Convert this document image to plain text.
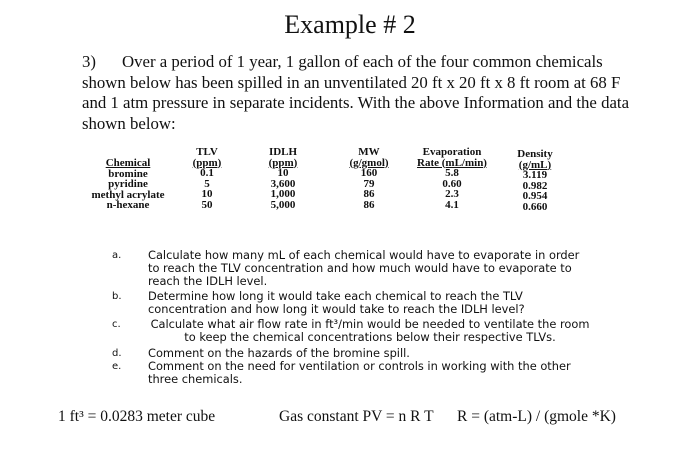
Example # 2
3) Over a period of 1 year, 1 gallon of each of the four common chemicals
shown below has been spilled in an unventilated 20 ft x 20 ft x 8 ft room at 68 F
and 1 atm pressure in separate incidents. With the above Information and the data
shown below:
Chemical
bromine
pyridine
methyl acrylate
n-hexane
TLV
(ppm)
0.1
5
10
50
IDLH
(ppm)
10
3,600
1,000
5,000
MW
(g/gmol)
160
79
86
86
Evaporation
Rate (mL/min)
5.8
0.60
2.3
4.1
Density
(g/mL)
3.119
0.982
0.954
0.660
a. Calculate how many mL of each chemical would have to evaporate in order to reach the TLV concentration and how much would have to evaporate to reach the IDLH level.
b. Determine how long it would take each chemical to reach the TLV concentration and how long it would take to reach the IDLH level?
c.	Calculate what air flow rate in ft³/min would be needed to ventilate the room to keep the chemical concentrations below their respective TLVs.
d. Comment on the hazards of the bromine spill.
e. Comment on the need for ventilation or controls in working with the other three chemicals.
1 ft³ = 0.0283 meter cube	Gas constant PV = n R T R = (atm-L) / (gmole *K)
